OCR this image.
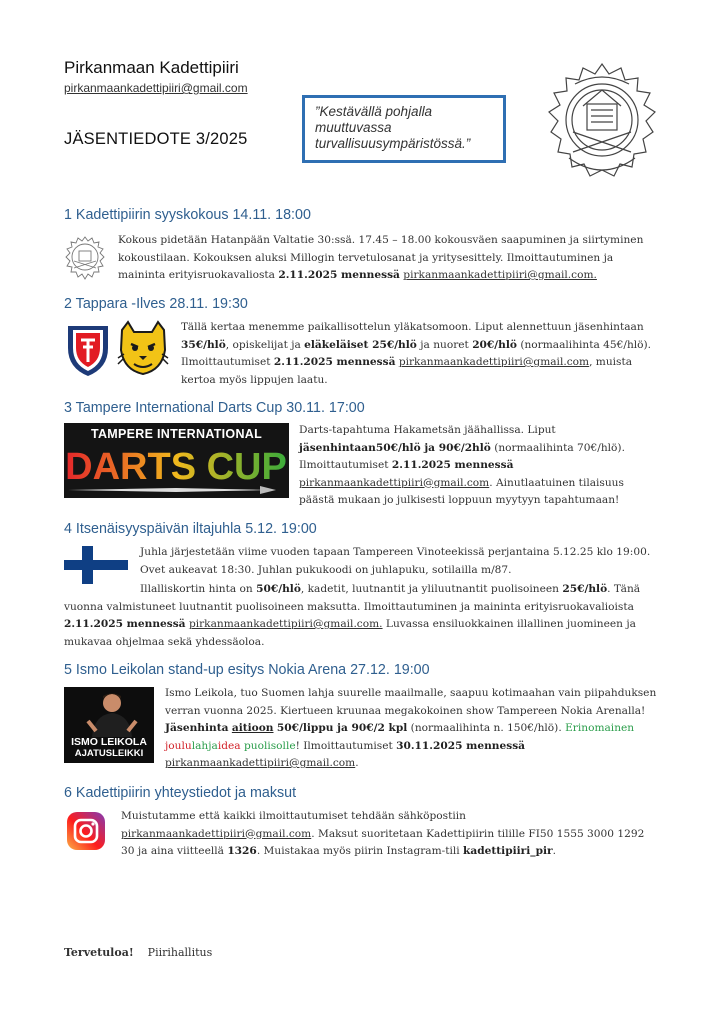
Pirkanmaan Kadettipiiri
pirkanmaankadettipiiri@gmail.com
JÄSENTIEDOTE 3/2025
”Kestävällä pohjalla
muuttuvassa
turvallisuusympäristössä.”
1 Kadettipiirin syyskokous 14.11. 18:00
Kokous pidetään Hatanpään Valtatie 30:ssä. 17.45 – 18.00 kokousväen saapuminen ja siirtyminen kokoustilaan. Kokouksen aluksi Millogin tervetulosanat ja yritysesittely. Ilmoittautuminen ja maininta erityisruokavaliosta 2.11.2025 mennessä pirkanmaankadettipiiri@gmail.com.
2 Tappara -Ilves 28.11. 19:30
Tällä kertaa menemme paikallisottelun yläkatsomoon. Liput alennettuun jäsenhintaan 35€/hlö, opiskelijat ja eläkeläiset 25€/hlö ja nuoret 20€/hlö (normaalihinta 45€/hlö). Ilmoittautumiset 2.11.2025 mennessä pirkanmaankadettipiiri@gmail.com, muista kertoa myös lippujen laatu.
3 Tampere International Darts Cup 30.11. 17:00
TAMPERE INTERNATIONAL
DARTS CUP
Darts-tapahtuma Hakametsän jäähallissa. Liput jäsenhintaan50€/hlö ja 90€/2hlö (normaalihinta 70€/hlö). Ilmoittautumiset 2.11.2025 mennessä pirkanmaankadettipiiri@gmail.com. Ainutlaatuinen tilaisuus päästä mukaan jo julkisesti loppuun myytyyn tapahtumaan!
4 Itsenäisyyspäivän iltajuhla 5.12. 19:00
Juhla järjestetään viime vuoden tapaan Tampereen Vinoteekissä perjantaina 5.12.25 klo 19:00. Ovet aukeavat 18:30. Juhlan pukukoodi on juhlapuku, sotilailla m/87.
Illalliskortin hinta on 50€/hlö, kadetit, luutnantit ja yliluutnantit puolisoineen 25€/hlö. Tänä vuonna valmistuneet luutnantit puolisoineen maksutta. Ilmoittautuminen ja maininta erityisruokavalioista 2.11.2025 mennessä pirkanmaankadettipiiri@gmail.com. Luvassa ensiluokkainen illallinen juomineen ja mukavaa ohjelmaa sekä yhdessäoloa.
5 Ismo Leikolan stand-up esitys Nokia Arena 27.12. 19:00
ISMO LEIKOLA
AJATUSLEIKKI
Ismo Leikola, tuo Suomen lahja suurelle maailmalle, saapuu kotimaahan vain piipahduksen verran vuonna 2025. Kiertueen kruunaa megakokoinen show Tampereen Nokia Arenalla! Jäsenhinta aitioon 50€/lippu ja 90€/2 kpl (normaalihinta n. 150€/hlö). Erinomainen joululahjaidea puolisolle! Ilmoittautumiset 30.11.2025 mennessä pirkanmaankadettipiiri@gmail.com.
6 Kadettipiirin yhteystiedot ja maksut
Muistutamme että kaikki ilmoittautumiset tehdään sähköpostiin pirkanmaankadettipiiri@gmail.com. Maksut suoritetaan Kadettipiirin tilille FI50 1555 3000 1292 30 ja aina viitteellä 1326. Muistakaa myös piirin Instagram-tili kadettipiiri_pir.
Tervetuloa! Piirihallitus
